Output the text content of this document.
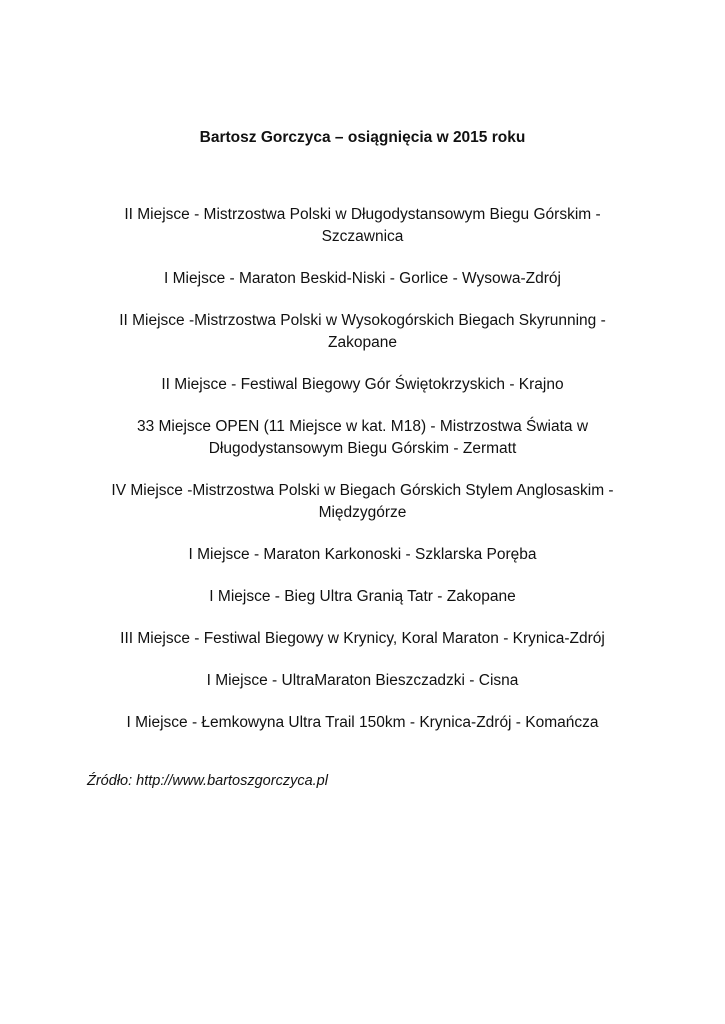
Bartosz Gorczyca – osiągnięcia w 2015 roku
II Miejsce - Mistrzostwa Polski w Długodystansowym Biegu Górskim - Szczawnica
I Miejsce - Maraton Beskid-Niski - Gorlice - Wysowa-Zdrój
II Miejsce -Mistrzostwa Polski w Wysokogórskich Biegach Skyrunning - Zakopane
II Miejsce - Festiwal Biegowy Gór Świętokrzyskich - Krajno
33 Miejsce OPEN (11 Miejsce w kat. M18) - Mistrzostwa Świata w Długodystansowym Biegu Górskim - Zermatt
IV Miejsce -Mistrzostwa Polski w Biegach Górskich Stylem Anglosaskim - Międzygórze
I Miejsce - Maraton Karkonoski - Szklarska Poręba
I Miejsce - Bieg Ultra Granią Tatr - Zakopane
III Miejsce - Festiwal Biegowy w Krynicy, Koral Maraton - Krynica-Zdrój
I Miejsce - UltraMaraton Bieszczadzki - Cisna
I Miejsce - Łemkowyna Ultra Trail 150km - Krynica-Zdrój - Komańcza

Źródło: http://www.bartoszgorczyca.pl
